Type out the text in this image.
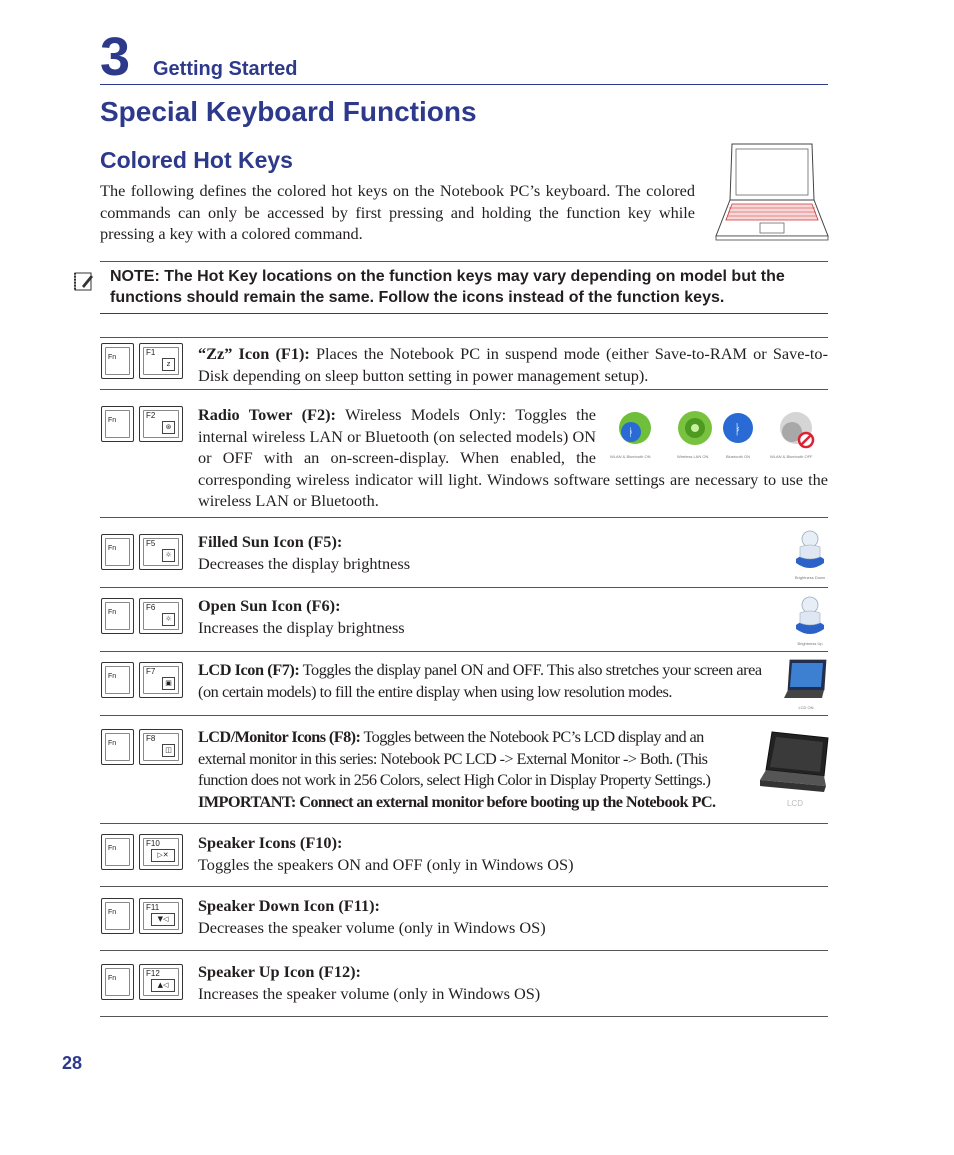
3 Getting Started
Special Keyboard Functions
Colored Hot Keys
The following defines the colored hot keys on the Notebook PC’s keyboard. The colored commands can only be accessed by first pressing and holding the function key while pressing a key with a colored command.
NOTE: The Hot Key locations on the function keys may vary depending on model but the functions should remain the same. Follow the icons instead of the function keys.
Fn
F1
z
“Zz” Icon (F1): Places the Notebook PC in suspend mode (either Save-to-RAM or Save-to-Disk depending on sleep button setting in power management setup).
Fn
F2
⊛	ᛓ	ᛓ
WLAN & Bluetooth ON	Wireless LAN ON	Bluetooth ON	WLAN & Bluetooth OFF
Radio Tower (F2): Wireless Models Only: Toggles the internal wireless LAN or Bluetooth (on selected models) ON or OFF with an on-screen-display. When enabled, the corresponding wireless indicator will light. Windows software settings are necessary to use the wireless LAN or Bluetooth.
Fn
F5
☼
Filled Sun Icon (F5):
Decreases the display brightness
Brightness Down
Fn
F6
☼
Open Sun Icon (F6):
Increases the display brightness
Brightness Up
Fn
F7
▣
LCD Icon (F7): Toggles the display panel ON and OFF. This also stretches your screen area (on certain models) to fill the entire display when using low resolution modes.
LCD ON
Fn
F8
◫
LCD/Monitor Icons (F8): Toggles between the Notebook PC’s LCD display and an external monitor in this series: Notebook PC LCD -> External Monitor -> Both. (This function does not work in 256 Colors, select High Color in Display Property Settings.)
IMPORTANT: Connect an external monitor before booting up the Notebook PC.	LCD
Fn
F10
▷✕
Speaker Icons (F10):
Toggles the speakers ON and OFF (only in Windows OS)
Fn
F11
▼◁
Speaker Down Icon (F11):
Decreases the speaker volume (only in Windows OS)
Fn
F12
▲◁
Speaker Up Icon (F12):
Increases the speaker volume (only in Windows OS)
28
